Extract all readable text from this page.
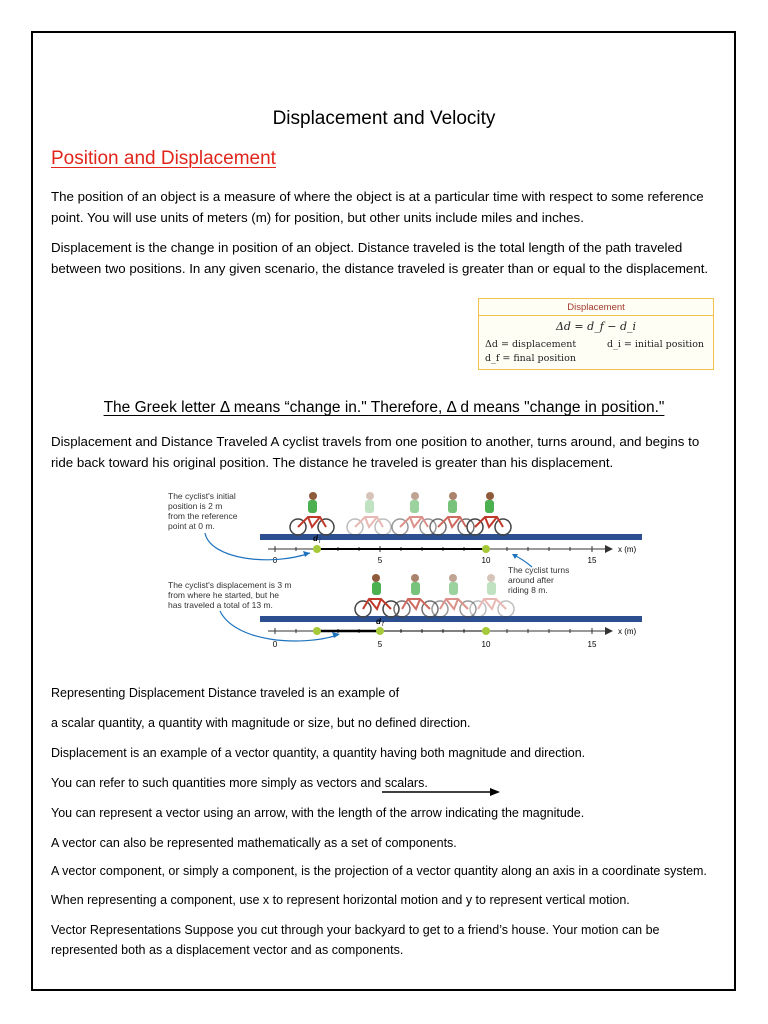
Displacement and Velocity
Position and Displacement
The position of an object is a measure of where the object is at a particular time with respect to some reference point. You will use units of meters (m) for position, but other units include miles and inches.
Displacement is the change in position of an object. Distance traveled is the total length of the path traveled between two positions. In any given scenario, the distance traveled is greater than or equal to the displacement.
Displacement
Δd = d_f − d_i
Δd = displacement	d_i = initial position
d_f = final position
The Greek letter Δ means “change in." Therefore, Δ d means "change in position."
Displacement and Distance Traveled A cyclist travels from one position to another, turns around, and begins to ride back toward his original position. The distance he traveled is greater than his displacement.
0	5	10	15
x (m)
d i
The cyclist's initial position is 2 m from the reference point at 0 m.
The cyclist turns around after riding 8 m.
The cyclist's displacement is 3 m from where he started, but he has traveled a total of 13 m.
0	5	10	15
x (m)
d f
Representing Displacement Distance traveled is an example of
a scalar quantity, a quantity with magnitude or size, but no defined direction.
Displacement is an example of a vector quantity, a quantity having both magnitude and direction.
You can refer to such quantities more simply as vectors and scalars.
You can represent a vector using an arrow, with the length of the arrow indicating the magnitude.
A vector can also be represented mathematically as a set of components.
A vector component, or simply a component, is the projection of a vector quantity along an axis in a coordinate system.
When representing a component, use x to represent horizontal motion and y to represent vertical motion.
Vector Representations Suppose you cut through your backyard to get to a friend’s house. Your motion can be represented both as a displacement vector and as components.
